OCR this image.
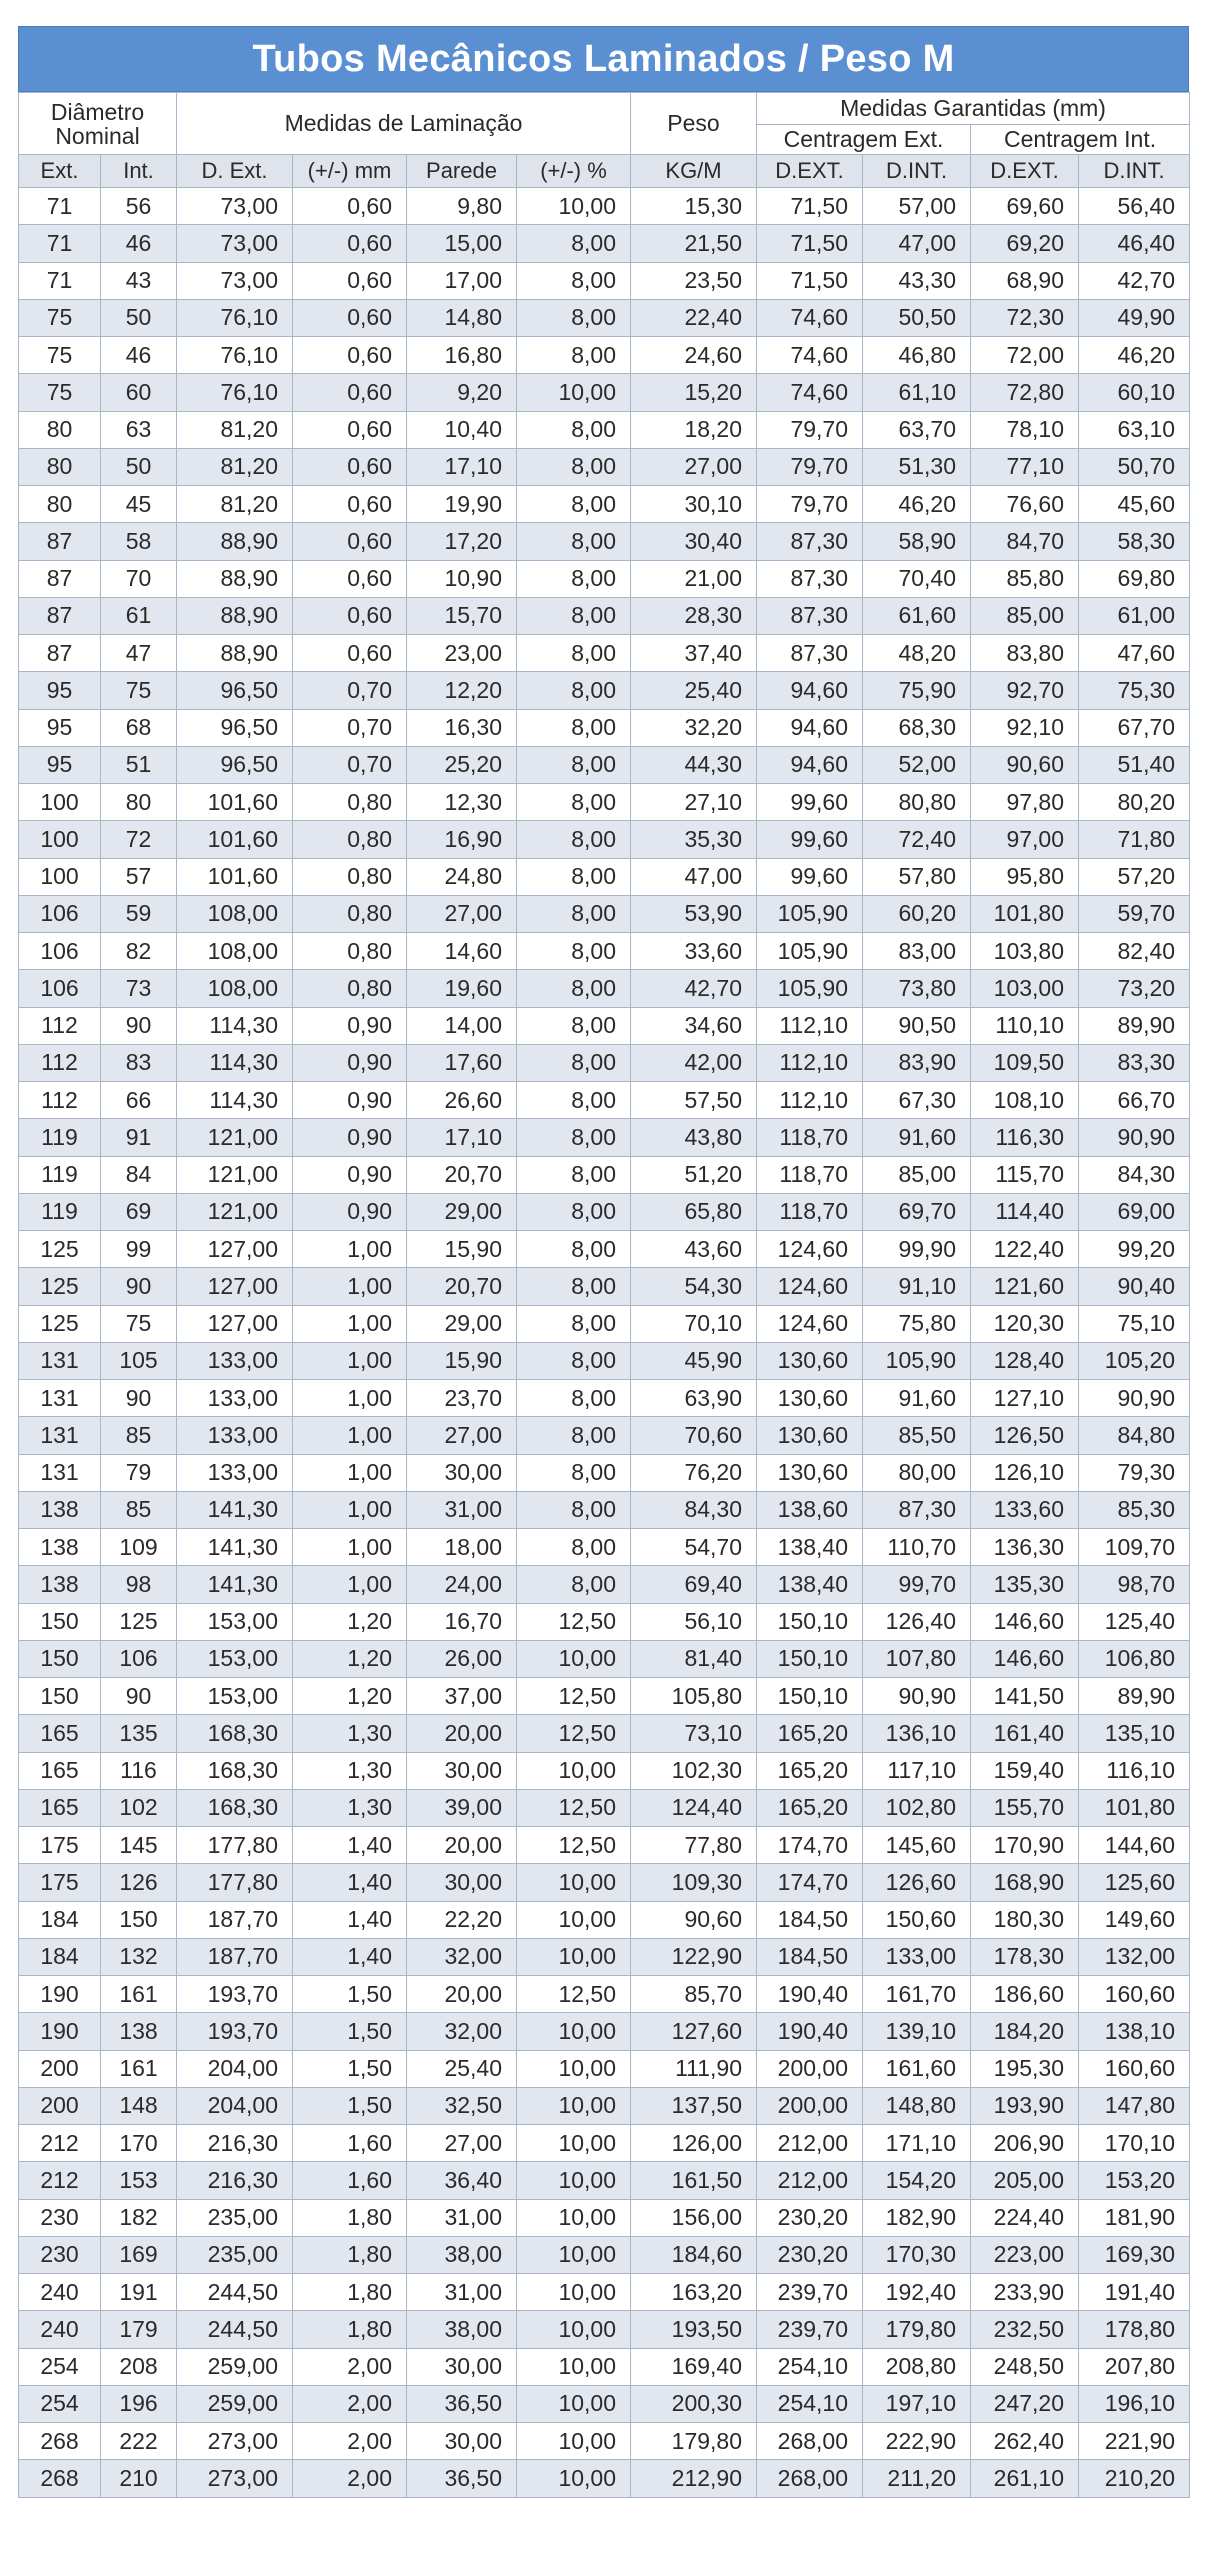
Tubos Mecânicos Laminados / Peso M
Diâmetro Nominal		Medidas de Laminação				Peso	Medidas Garantidas (mm)			
							Centragem Ext.		Centragem Int.	
Ext.	Int.	D. Ext.	(+/-) mm	Parede	(+/-) %	KG/M	D.EXT.	D.INT.	D.EXT.	D.INT.
71	56	73,00	0,60	9,80	10,00	15,30	71,50	57,00	69,60	56,40
71	46	73,00	0,60	15,00	8,00	21,50	71,50	47,00	69,20	46,40
71	43	73,00	0,60	17,00	8,00	23,50	71,50	43,30	68,90	42,70
75	50	76,10	0,60	14,80	8,00	22,40	74,60	50,50	72,30	49,90
75	46	76,10	0,60	16,80	8,00	24,60	74,60	46,80	72,00	46,20
75	60	76,10	0,60	9,20	10,00	15,20	74,60	61,10	72,80	60,10
80	63	81,20	0,60	10,40	8,00	18,20	79,70	63,70	78,10	63,10
80	50	81,20	0,60	17,10	8,00	27,00	79,70	51,30	77,10	50,70
80	45	81,20	0,60	19,90	8,00	30,10	79,70	46,20	76,60	45,60
87	58	88,90	0,60	17,20	8,00	30,40	87,30	58,90	84,70	58,30
87	70	88,90	0,60	10,90	8,00	21,00	87,30	70,40	85,80	69,80
87	61	88,90	0,60	15,70	8,00	28,30	87,30	61,60	85,00	61,00
87	47	88,90	0,60	23,00	8,00	37,40	87,30	48,20	83,80	47,60
95	75	96,50	0,70	12,20	8,00	25,40	94,60	75,90	92,70	75,30
95	68	96,50	0,70	16,30	8,00	32,20	94,60	68,30	92,10	67,70
95	51	96,50	0,70	25,20	8,00	44,30	94,60	52,00	90,60	51,40
100	80	101,60	0,80	12,30	8,00	27,10	99,60	80,80	97,80	80,20
100	72	101,60	0,80	16,90	8,00	35,30	99,60	72,40	97,00	71,80
100	57	101,60	0,80	24,80	8,00	47,00	99,60	57,80	95,80	57,20
106	59	108,00	0,80	27,00	8,00	53,90	105,90	60,20	101,80	59,70
106	82	108,00	0,80	14,60	8,00	33,60	105,90	83,00	103,80	82,40
106	73	108,00	0,80	19,60	8,00	42,70	105,90	73,80	103,00	73,20
112	90	114,30	0,90	14,00	8,00	34,60	112,10	90,50	110,10	89,90
112	83	114,30	0,90	17,60	8,00	42,00	112,10	83,90	109,50	83,30
112	66	114,30	0,90	26,60	8,00	57,50	112,10	67,30	108,10	66,70
119	91	121,00	0,90	17,10	8,00	43,80	118,70	91,60	116,30	90,90
119	84	121,00	0,90	20,70	8,00	51,20	118,70	85,00	115,70	84,30
119	69	121,00	0,90	29,00	8,00	65,80	118,70	69,70	114,40	69,00
125	99	127,00	1,00	15,90	8,00	43,60	124,60	99,90	122,40	99,20
125	90	127,00	1,00	20,70	8,00	54,30	124,60	91,10	121,60	90,40
125	75	127,00	1,00	29,00	8,00	70,10	124,60	75,80	120,30	75,10
131	105	133,00	1,00	15,90	8,00	45,90	130,60	105,90	128,40	105,20
131	90	133,00	1,00	23,70	8,00	63,90	130,60	91,60	127,10	90,90
131	85	133,00	1,00	27,00	8,00	70,60	130,60	85,50	126,50	84,80
131	79	133,00	1,00	30,00	8,00	76,20	130,60	80,00	126,10	79,30
138	85	141,30	1,00	31,00	8,00	84,30	138,60	87,30	133,60	85,30
138	109	141,30	1,00	18,00	8,00	54,70	138,40	110,70	136,30	109,70
138	98	141,30	1,00	24,00	8,00	69,40	138,40	99,70	135,30	98,70
150	125	153,00	1,20	16,70	12,50	56,10	150,10	126,40	146,60	125,40
150	106	153,00	1,20	26,00	10,00	81,40	150,10	107,80	146,60	106,80
150	90	153,00	1,20	37,00	12,50	105,80	150,10	90,90	141,50	89,90
165	135	168,30	1,30	20,00	12,50	73,10	165,20	136,10	161,40	135,10
165	116	168,30	1,30	30,00	10,00	102,30	165,20	117,10	159,40	116,10
165	102	168,30	1,30	39,00	12,50	124,40	165,20	102,80	155,70	101,80
175	145	177,80	1,40	20,00	12,50	77,80	174,70	145,60	170,90	144,60
175	126	177,80	1,40	30,00	10,00	109,30	174,70	126,60	168,90	125,60
184	150	187,70	1,40	22,20	10,00	90,60	184,50	150,60	180,30	149,60
184	132	187,70	1,40	32,00	10,00	122,90	184,50	133,00	178,30	132,00
190	161	193,70	1,50	20,00	12,50	85,70	190,40	161,70	186,60	160,60
190	138	193,70	1,50	32,00	10,00	127,60	190,40	139,10	184,20	138,10
200	161	204,00	1,50	25,40	10,00	111,90	200,00	161,60	195,30	160,60
200	148	204,00	1,50	32,50	10,00	137,50	200,00	148,80	193,90	147,80
212	170	216,30	1,60	27,00	10,00	126,00	212,00	171,10	206,90	170,10
212	153	216,30	1,60	36,40	10,00	161,50	212,00	154,20	205,00	153,20
230	182	235,00	1,80	31,00	10,00	156,00	230,20	182,90	224,40	181,90
230	169	235,00	1,80	38,00	10,00	184,60	230,20	170,30	223,00	169,30
240	191	244,50	1,80	31,00	10,00	163,20	239,70	192,40	233,90	191,40
240	179	244,50	1,80	38,00	10,00	193,50	239,70	179,80	232,50	178,80
254	208	259,00	2,00	30,00	10,00	169,40	254,10	208,80	248,50	207,80
254	196	259,00	2,00	36,50	10,00	200,30	254,10	197,10	247,20	196,10
268	222	273,00	2,00	30,00	10,00	179,80	268,00	222,90	262,40	221,90
268	210	273,00	2,00	36,50	10,00	212,90	268,00	211,20	261,10	210,20
